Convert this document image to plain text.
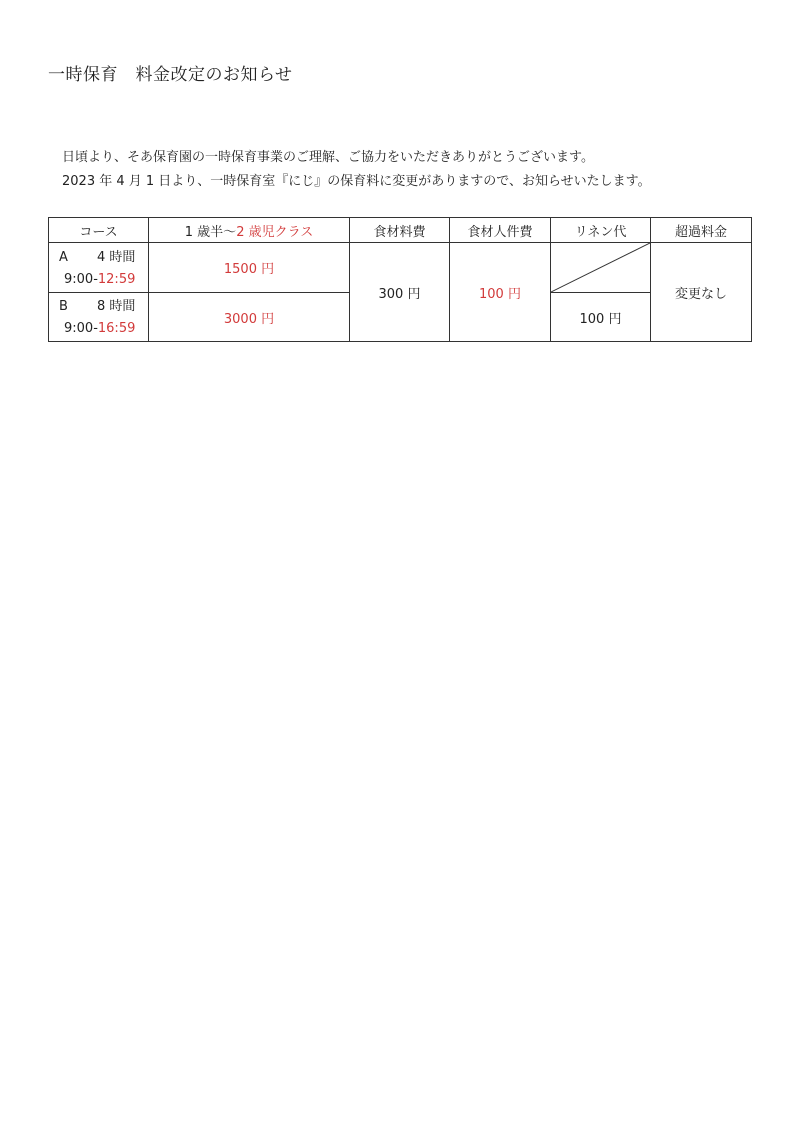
一時保育　料金改定のお知らせ

日頃より、そあ保育園の一時保育事業のご理解、ご協力をいただきありがとうございます。

2023 年 4 月 1 日より、一時保育室『にじ』の保育料に変更がありますので、お知らせいたします。

コース	1 歳半〜2 歳児クラス	食材料費	食材人件費	リネン代	超過料金

A 4 時間
9:00-12:59	1500 円	300 円	100 円		変更なし

B 8 時間
9:00-16:59	3000 円			100 円	
